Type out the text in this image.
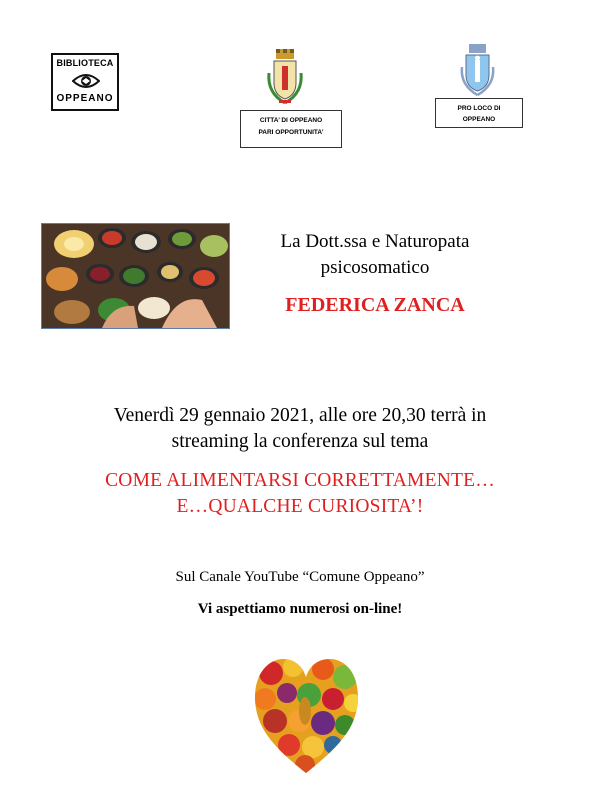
BIBLIOTECA
OPPEANO
CITTA’ DI OPPEANO
PARI OPPORTUNITA’
PRO LOCO DI
OPPEANO
La Dott.ssa e Naturopata
psicosomatico
FEDERICA ZANCA
Venerdì 29 gennaio 2021, alle ore 20,30 terrà in
streaming la conferenza sul tema
COME ALIMENTARSI CORRETTAMENTE…
E…QUALCHE CURIOSITA’!
Sul Canale YouTube “Comune Oppeano”
Vi aspettiamo numerosi on-line!
